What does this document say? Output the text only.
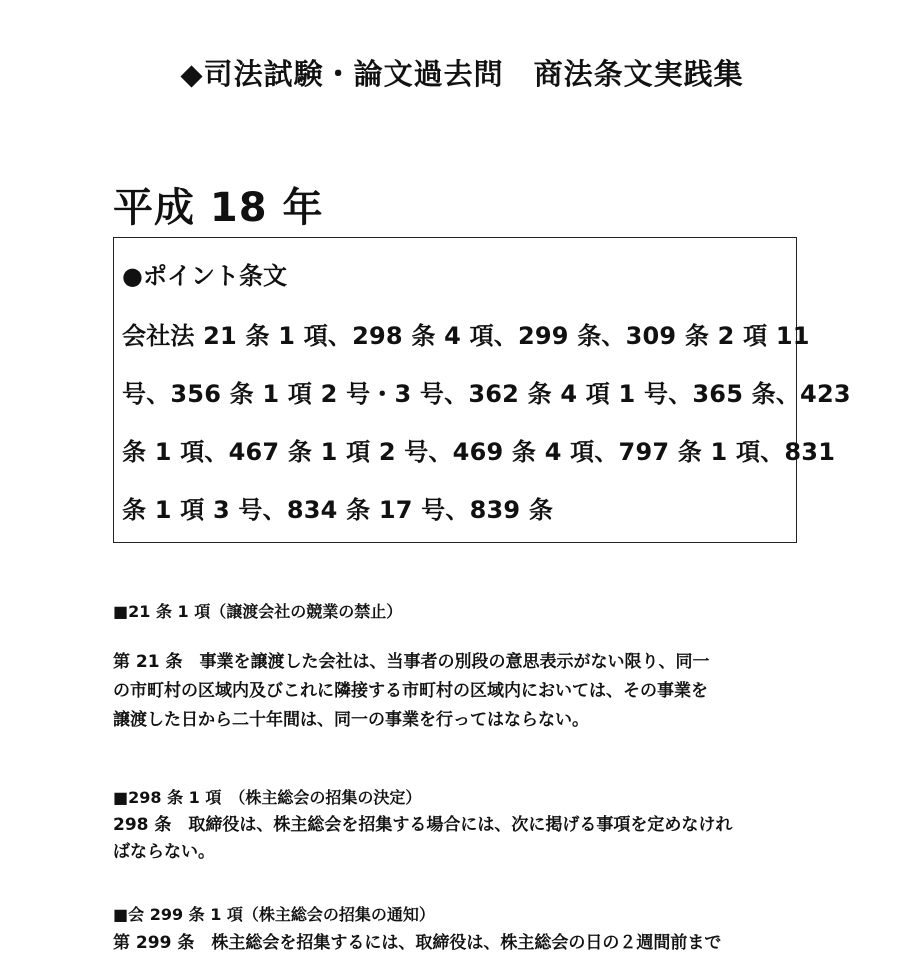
◆司法試験・論文過去問　商法条文実践集
平成 18 年
●ポイント条文
会社法 21 条 1 項、298 条 4 項、299 条、309 条 2 項 11
号、356 条 1 項 2 号・3 号、362 条 4 項 1 号、365 条、423
条 1 項、467 条 1 項 2 号、469 条 4 項、797 条 1 項、831
条 1 項 3 号、834 条 17 号、839 条
■21 条 1 項（譲渡会社の競業の禁止）
第 21 条　事業を譲渡した会社は、当事者の別段の意思表示がない限り、同一
の市町村の区域内及びこれに隣接する市町村の区域内においては、その事業を
譲渡した日から二十年間は、同一の事業を行ってはならない。
■298 条 1 項　（株主総会の招集の決定）
298 条　取締役は、株主総会を招集する場合には、次に掲げる事項を定めなけれ
ばならない。
■会 299 条 1 項（株主総会の招集の通知）
第 299 条　株主総会を招集するには、取締役は、株主総会の日の２週間前まで
